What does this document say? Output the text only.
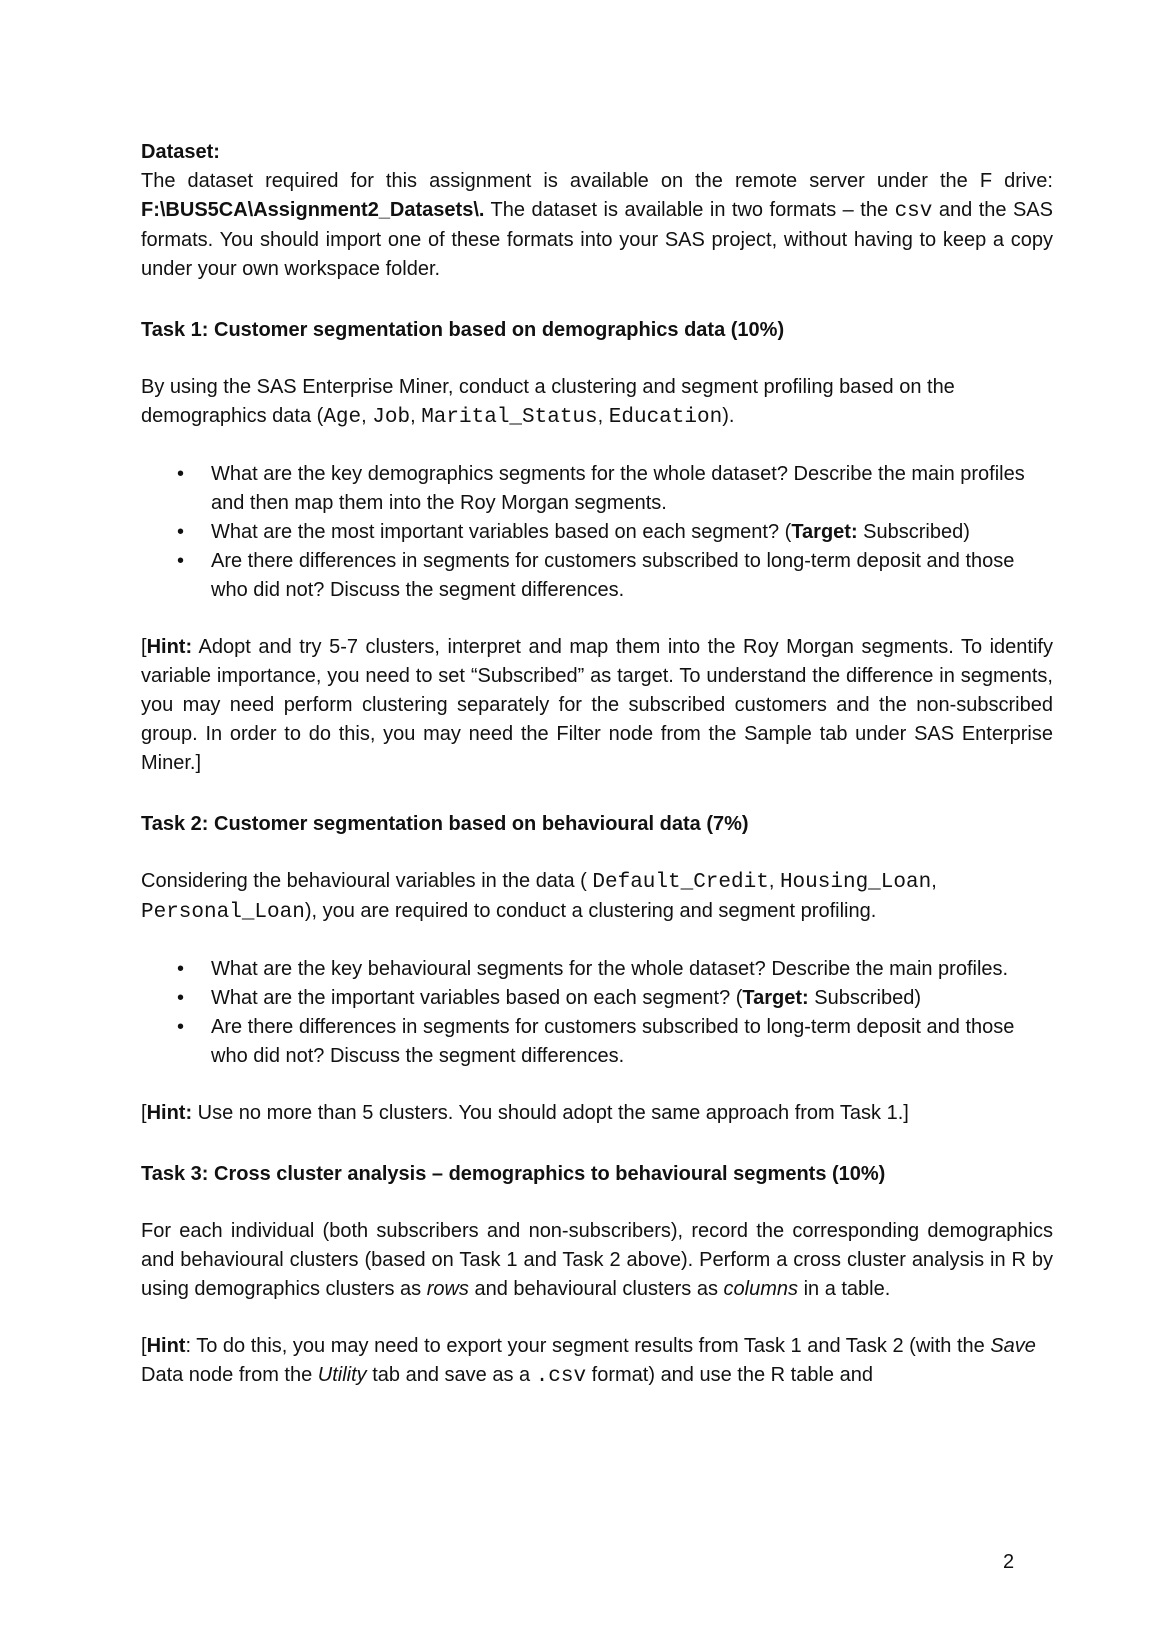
Dataset:

The dataset required for this assignment is available on the remote server under the F drive: F:\BUS5CA\Assignment2_Datasets\. The dataset is available in two formats – the csv and the SAS formats. You should import one of these formats into your SAS project, without having to keep a copy under your own workspace folder.

Task 1: Customer segmentation based on demographics data (10%)

By using the SAS Enterprise Miner, conduct a clustering and segment profiling based on the demographics data (Age, Job, Marital_Status, Education).

• What are the key demographics segments for the whole dataset? Describe the main profiles and then map them into the Roy Morgan segments.
• What are the most important variables based on each segment? (Target: Subscribed)
• Are there differences in segments for customers subscribed to long-term deposit and those who did not? Discuss the segment differences.

[Hint: Adopt and try 5-7 clusters, interpret and map them into the Roy Morgan segments. To identify variable importance, you need to set “Subscribed” as target. To understand the difference in segments, you may need perform clustering separately for the subscribed customers and the non-subscribed group. In order to do this, you may need the Filter node from the Sample tab under SAS Enterprise Miner.]

Task 2: Customer segmentation based on behavioural data (7%)

Considering the behavioural variables in the data ( Default_Credit, Housing_Loan, Personal_Loan), you are required to conduct a clustering and segment profiling.

• What are the key behavioural segments for the whole dataset? Describe the main profiles.
• What are the important variables based on each segment? (Target: Subscribed)
• Are there differences in segments for customers subscribed to long-term deposit and those who did not? Discuss the segment differences.

[Hint: Use no more than 5 clusters. You should adopt the same approach from Task 1.]

Task 3: Cross cluster analysis – demographics to behavioural segments (10%)

For each individual (both subscribers and non-subscribers), record the corresponding demographics and behavioural clusters (based on Task 1 and Task 2 above). Perform a cross cluster analysis in R by using demographics clusters as rows and behavioural clusters as columns in a table.

[Hint: To do this, you may need to export your segment results from Task 1 and Task 2 (with the Save Data node from the Utility tab and save as a .csv format) and use the R table and

2
